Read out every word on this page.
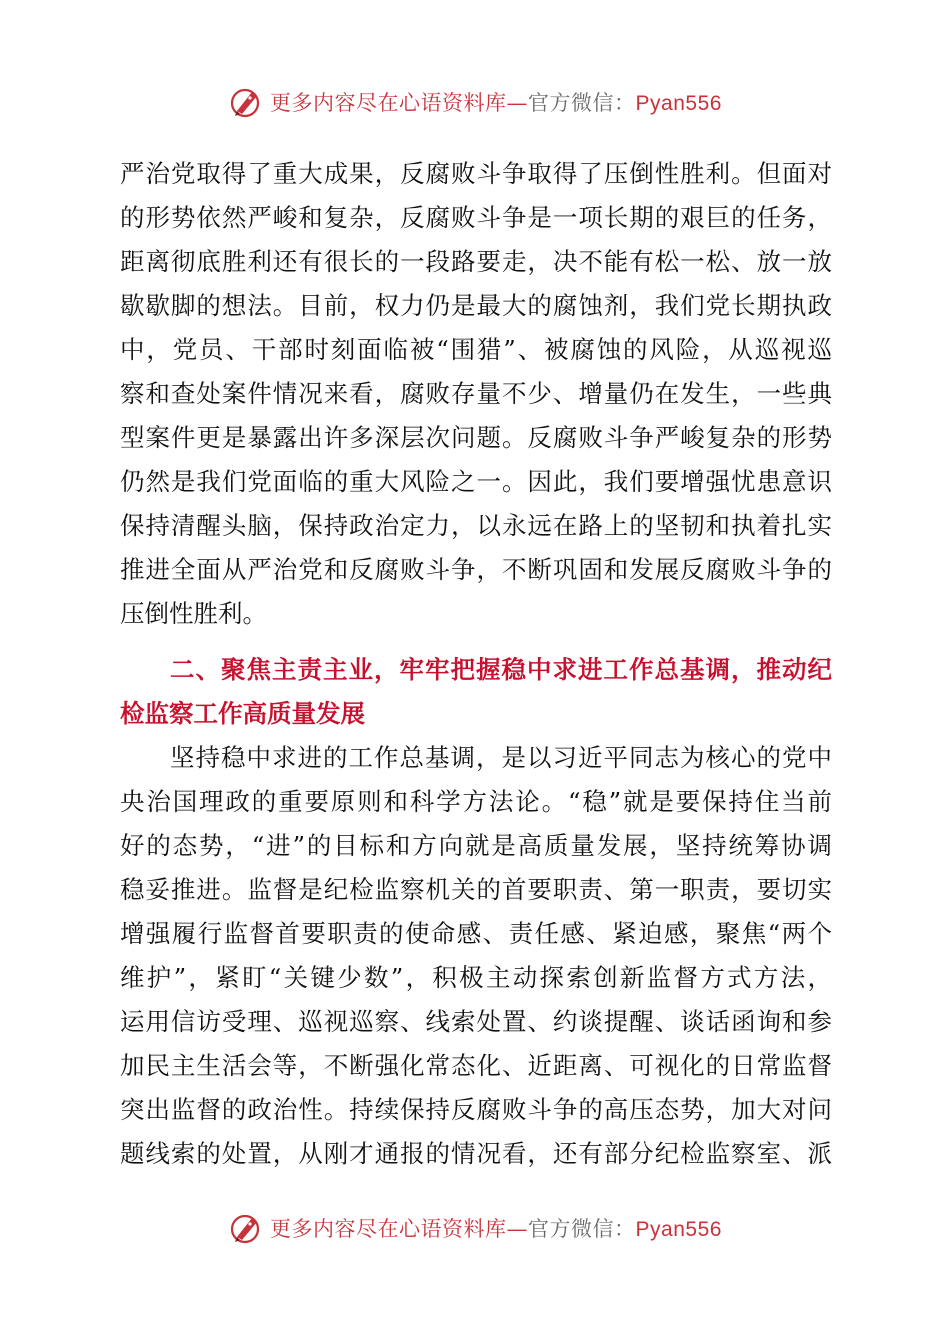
更多内容尽在心语资料库—官方微信：Pyan556
严治党取得了重大成果，反腐败斗争取得了压倒性胜利。但面对
的形势依然严峻和复杂，反腐败斗争是一项长期的艰巨的任务，
距离彻底胜利还有很长的一段路要走，决不能有松一松、放一放
歇歇脚的想法。目前，权力仍是最大的腐蚀剂，我们党长期执政
中，党员、干部时刻面临被“围猎”、被腐蚀的风险，从巡视巡
察和查处案件情况来看，腐败存量不少、增量仍在发生，一些典
型案件更是暴露出许多深层次问题。反腐败斗争严峻复杂的形势
仍然是我们党面临的重大风险之一。因此，我们要增强忧患意识
保持清醒头脑，保持政治定力，以永远在路上的坚韧和执着扎实
推进全面从严治党和反腐败斗争，不断巩固和发展反腐败斗争的
压倒性胜利。
二、聚焦主责主业，牢牢把握稳中求进工作总基调，推动纪
检监察工作高质量发展
坚持稳中求进的工作总基调，是以习近平同志为核心的党中
央治国理政的重要原则和科学方法论。“稳”就是要保持住当前
好的态势，“进”的目标和方向就是高质量发展，坚持统筹协调
稳妥推进。监督是纪检监察机关的首要职责、第一职责，要切实
增强履行监督首要职责的使命感、责任感、紧迫感，聚焦“两个
维护”，紧盯“关键少数”，积极主动探索创新监督方式方法，
运用信访受理、巡视巡察、线索处置、约谈提醒、谈话函询和参
加民主生活会等，不断强化常态化、近距离、可视化的日常监督
突出监督的政治性。持续保持反腐败斗争的高压态势，加大对问
题线索的处置，从刚才通报的情况看，还有部分纪检监察室、派
更多内容尽在心语资料库—官方微信：Pyan556
